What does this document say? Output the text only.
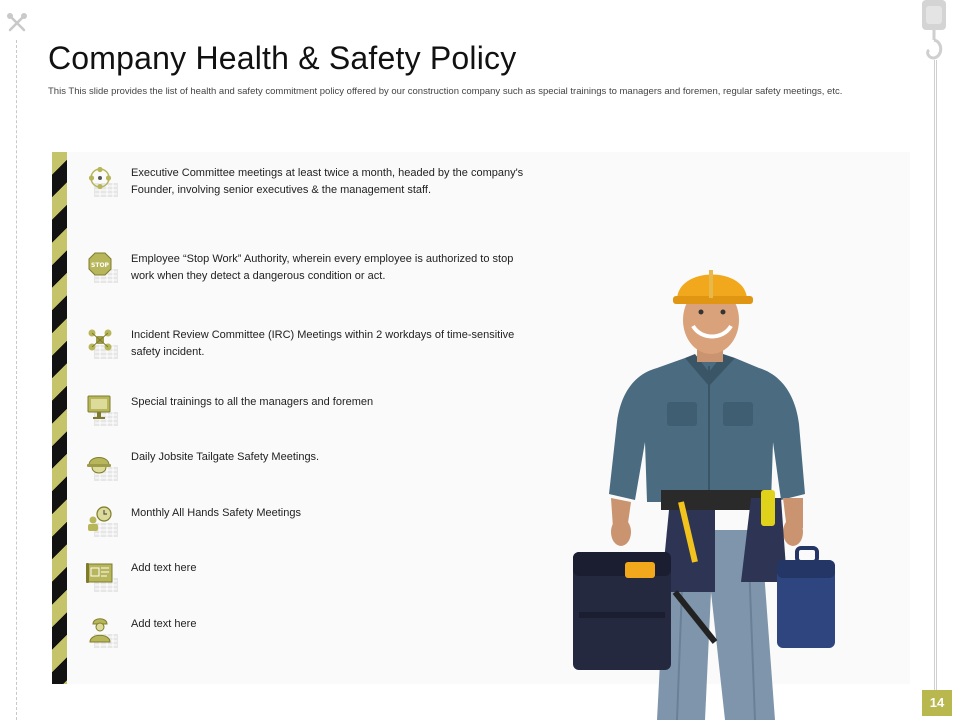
Company Health & Safety Policy

This This slide provides the list of health and safety commitment policy offered by our construction company such as special trainings to managers and foremen, regular safety meetings, etc.

Executive Committee meetings at least twice a month, headed by the company's Founder, involving senior executives & the management staff.
STOP
Employee “Stop Work” Authority, wherein every employee is authorized to stop work when they detect a dangerous condition or act.
Incident Review Committee (IRC) Meetings within 2 workdays of time-sensitive safety incident.
Special trainings to all the managers and foremen
Daily Jobsite Tailgate Safety Meetings.
Monthly All Hands Safety Meetings
Add text here
Add text here
14
